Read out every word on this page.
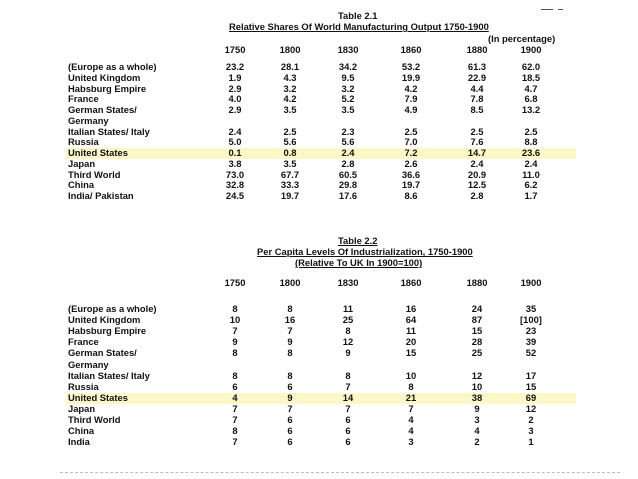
Table 2.1
Relative Shares Of World Manufacturing Output 1750-1900
(In percentage)
1750	1800	1830	1860	1880	1900
(Europe as a whole)	23.2	28.1	34.2	53.2	61.3	62.0
United Kingdom	1.9	4.3	9.5	19.9	22.9	18.5
Habsburg Empire	2.9	3.2	3.2	4.2	4.4	4.7
France	4.0	4.2	5.2	7.9	7.8	6.8
German States/	2.9	3.5	3.5	4.9	8.5	13.2
Germany
Italian States/ Italy	2.4	2.5	2.3	2.5	2.5	2.5
Russia	5.0	5.6	5.6	7.0	7.6	8.8
United States	0.1	0.8	2.4	7.2	14.7	23.6
Japan	3.8	3.5	2.8	2.6	2.4	2.4
Third World	73.0	67.7	60.5	36.6	20.9	11.0
China	32.8	33.3	29.8	19.7	12.5	6.2
India/ Pakistan	24.5	19.7	17.6	8.6	2.8	1.7
Table 2.2
Per Capita Levels Of Industrialization, 1750-1900
(Relative To UK In 1900=100)
1750	1800	1830	1860	1880	1900
(Europe as a whole)	8	8	11	16	24	35
United Kingdom	10	16	25	64	87	[100]
Habsburg Empire	7	7	8	11	15	23
France	9	9	12	20	28	39
German States/	8	8	9	15	25	52
Germany
Italian States/ Italy	8	8	8	10	12	17
Russia	6	6	7	8	10	15
United States	4	9	14	21	38	69
Japan	7	7	7	7	9	12
Third World	7	6	6	4	3	2
China	8	6	6	4	4	3
India	7	6	6	3	2	1
